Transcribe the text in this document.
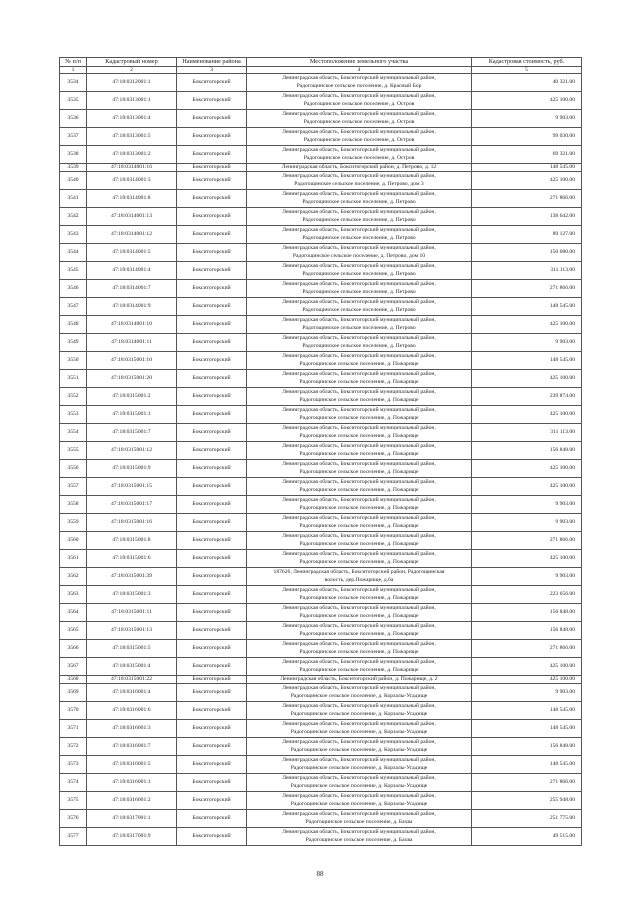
№ п/п	Кадастровый номер	Наименование района	Местоположение земельного участка	Кадастровая стоимость, руб.
1	2	3	4	5
3534	47:18:0312001:1	Бокситогорский	Ленинградская область, Бокситогорский муниципальный район,
Радогощинское сельское поселение, д. Красный Бор	40 321.00
3535	47:18:0313001:1	Бокситогорский	Ленинградская область, Бокситогорский муниципальный район,
Радогощинское сельское поселение, д. Остров	425 100.00
3536	47:18:0313001:4	Бокситогорский	Ленинградская область, Бокситогорский муниципальный район,
Радогощинское сельское поселение, д. Остров	9 903.00
3537	47:18:0313001:5	Бокситогорский	Ленинградская область, Бокситогорский муниципальный район,
Радогощинское сельское поселение, д. Остров	99 030.00
3538	47:18:0313001:2	Бокситогорский	Ленинградская область, Бокситогорский муниципальный район,
Радогощинское сельское поселение, д. Остров	69 321.00
3539	47:18:0314001:16	Бокситогорский	Ленинградская область, Бокситогорский район, д. Петрово, д. 12	148 545.00
3540	47:18:0314001:3	Бокситогорский	Ленинградская область, Бокситогорский муниципальный район,
Радогощинское сельское поселение, д. Петрово, дом 3	425 100.00
3541	47:18:0314001:8	Бокситогорский	Ленинградская область, Бокситогорский муниципальный район,
Радогощинское сельское поселение, д. Петрово	271 866.00
3542	47:18:0314001:13	Бокситогорский	Ленинградская область, Бокситогорский муниципальный район,
Радогощинское сельское поселение, д. Петрово	138 642.00
3543	47:18:0314001:12	Бокситогорский	Ленинградская область, Бокситогорский муниципальный район,
Радогощинское сельское поселение, д. Петрово	89 127.00
3544	47:18:0314001:5	Бокситогорский	Ленинградская область, Бокситогорский муниципальный район,
Радогощинское сельское поселение, д. Петрово, дом 10	150 680.00
3545	47:18:0314001:4	Бокситогорский	Ленинградская область, Бокситогорский муниципальный район,
Радогощинское сельское поселение, д. Петрово	311 113.00
3546	47:18:0314001:7	Бокситогорский	Ленинградская область, Бокситогорский муниципальный район,
Радогощинское сельское поселение, д. Петрово	271 866.00
3547	47:18:0314001:9	Бокситогорский	Ленинградская область, Бокситогорский муниципальный район,
Радогощинское сельское поселение, д. Петрово	148 545.00
3548	47:18:0314001:10	Бокситогорский	Ленинградская область, Бокситогорский муниципальный район,
Радогощинское сельское поселение, д. Петрово	425 100.00
3549	47:18:0314001:11	Бокситогорский	Ленинградская область, Бокситогорский муниципальный район,
Радогощинское сельское поселение, д. Петрово	9 903.00
3550	47:18:0315001:10	Бокситогорский	Ленинградская область, Бокситогорский муниципальный район,
Радогощинское сельское поселение, д. Пожарище	148 545.00
3551	47:18:0315001:20	Бокситогорский	Ленинградская область, Бокситогорский муниципальный район,
Радогощинское сельское поселение, д. Пожарище	425 100.00
3552	47:18:0315001:2	Бокситогорский	Ленинградская область, Бокситогорский муниципальный район,
Радогощинское сельское поселение, д. Пожарище	239 874.00
3553	47:18:0315001:1	Бокситогорский	Ленинградская область, Бокситогорский муниципальный район,
Радогощинское сельское поселение, д. Пожарище	425 100.00
3554	47:18:0315001:7	Бокситогорский	Ленинградская область, Бокситогорский муниципальный район,
Радогощинское сельское поселение, д. Пожарище	311 113.00
3555	47:18:0315001:12	Бокситогорский	Ленинградская область, Бокситогорский муниципальный район,
Радогощинское сельское поселение, д. Пожарище	156 848.00
3556	47:18:0315001:9	Бокситогорский	Ленинградская область, Бокситогорский муниципальный район,
Радогощинское сельское поселение, д. Пожарище	425 100.00
3557	47:18:0315001:15	Бокситогорский	Ленинградская область, Бокситогорский муниципальный район,
Радогощинское сельское поселение, д. Пожарище	425 100.00
3558	47:18:0315001:17	Бокситогорский	Ленинградская область, Бокситогорский муниципальный район,
Радогощинское сельское поселение, д. Пожарище	9 903.00
3559	47:18:0315001:16	Бокситогорский	Ленинградская область, Бокситогорский муниципальный район,
Радогощинское сельское поселение, д. Пожарище	9 903.00
3560	47:18:0315001:8	Бокситогорский	Ленинградская область, Бокситогорский муниципальный район,
Радогощинское сельское поселение, д. Пожарище	271 866.00
3561	47:18:0315001:6	Бокситогорский	Ленинградская область, Бокситогорский муниципальный район,
Радогощинское сельское поселение, д. Пожарище	425 100.00
3562	47:18:0315001:39	Бокситогорский	187626, Ленинградская область, Бокситогорский район, Радогощинская
волость, дер.Пожарище, д.6а	9 903.00
3563	47:18:0315001:3	Бокситогорский	Ленинградская область, Бокситогорский муниципальный район,
Радогощинское сельское поселение, д. Пожарище	223 656.00
3564	47:18:0315001:11	Бокситогорский	Ленинградская область, Бокситогорский муниципальный район,
Радогощинское сельское поселение, д. Пожарище	156 848.00
3565	47:18:0315001:13	Бокситогорский	Ленинградская область, Бокситогорский муниципальный район,
Радогощинское сельское поселение, д. Пожарище	156 848.00
3566	47:18:0315001:5	Бокситогорский	Ленинградская область, Бокситогорский муниципальный район,
Радогощинское сельское поселение, д. Пожарище	271 866.00
3567	47:18:0315001:4	Бокситогорский	Ленинградская область, Бокситогорский муниципальный район,
Радогощинское сельское поселение, д. Пожарище	425 100.00
3568	47:18:0315001:22	Бокситогорский	Ленинградская область, Бокситогорский район, д. Пожарище, д. 2	425 100.00
3569	47:18:0316001:4	Бокситогорский	Ленинградская область, Бокситогорский муниципальный район,
Радогощинское сельское поселение, д. Корзалы-Усадище	9 903.00
3570	47:18:0316001:6	Бокситогорский	Ленинградская область, Бокситогорский муниципальный район,
Радогощинское сельское поселение, д. Корзалы-Усадище	148 545.00
3571	47:18:0316001:3	Бокситогорский	Ленинградская область, Бокситогорский муниципальный район,
Радогощинское сельское поселение, д. Корзалы-Усадище	148 545.00
3572	47:18:0316001:7	Бокситогорский	Ленинградская область, Бокситогорский муниципальный район,
Радогощинское сельское поселение, д. Корзалы-Усадище	156 848.00
3573	47:18:0316001:5	Бокситогорский	Ленинградская область, Бокситогорский муниципальный район,
Радогощинское сельское поселение, д. Корзалы-Усадище	148 545.00
3574	47:18:0316001:1	Бокситогорский	Ленинградская область, Бокситогорский муниципальный район,
Радогощинское сельское поселение, д. Корзалы-Усадище	271 866.00
3575	47:18:0316001:2	Бокситогорский	Ленинградская область, Бокситогорский муниципальный район,
Радогощинское сельское поселение, д. Корзалы-Усадище	255 948.00
3576	47:18:0317001:1	Бокситогорский	Ленинградская область, Бокситогорский муниципальный район,
Радогощинское сельское поселение, д. Бахва	251 775.00
3577	47:18:0317001:9	Бокситогорский	Ленинградская область, Бокситогорский муниципальный район,
Радогощинское сельское поселение, д. Бахва	49 515.00
88
